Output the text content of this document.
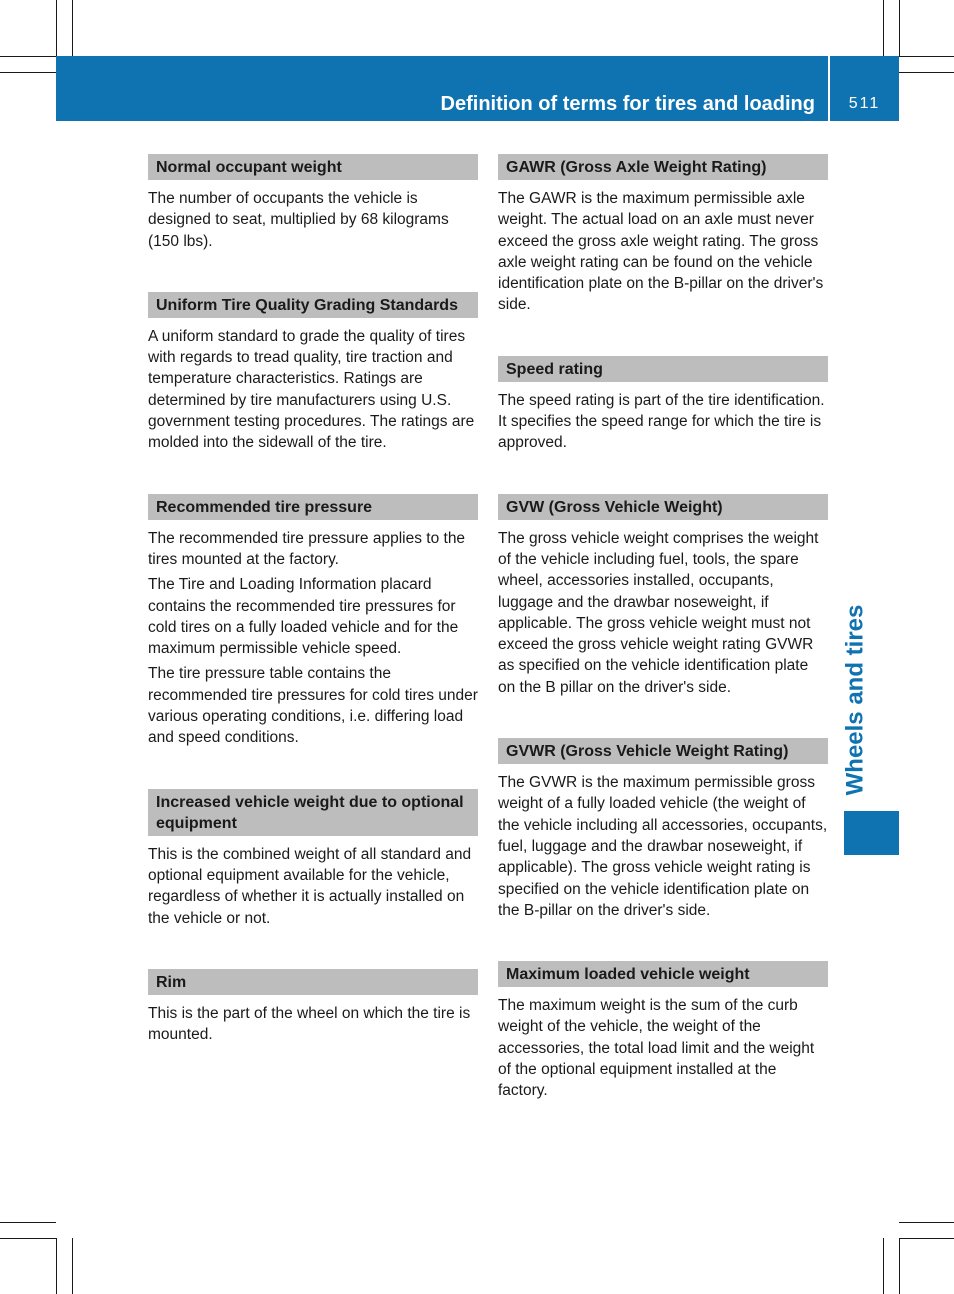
Definition of terms for tires and loading	511
Wheels and tires
Normal occupant weight

The number of occupants the vehicle is designed to seat, multiplied by 68 kilograms (150 lbs).

Uniform Tire Quality Grading Standards

A uniform standard to grade the quality of tires with regards to tread quality, tire traction and temperature characteristics. Ratings are determined by tire manufacturers using U.S. government testing procedures. The ratings are molded into the sidewall of the tire.

Recommended tire pressure

The recommended tire pressure applies to the tires mounted at the factory.

The Tire and Loading Information placard contains the recommended tire pressures for cold tires on a fully loaded vehicle and for the maximum permissible vehicle speed.

The tire pressure table contains the recommended tire pressures for cold tires under various operating conditions, i.e. differing load and speed conditions.

Increased vehicle weight due to optional equipment

This is the combined weight of all standard and optional equipment available for the vehicle, regardless of whether it is actually installed on the vehicle or not.

Rim

This is the part of the wheel on which the tire is mounted.

GAWR (Gross Axle Weight Rating)

The GAWR is the maximum permissible axle weight. The actual load on an axle must never exceed the gross axle weight rating. The gross axle weight rating can be found on the vehicle identification plate on the B-pillar on the driver's side.

Speed rating

The speed rating is part of the tire identification. It specifies the speed range for which the tire is approved.

GVW (Gross Vehicle Weight)

The gross vehicle weight comprises the weight of the vehicle including fuel, tools, the spare wheel, accessories installed, occupants, luggage and the drawbar noseweight, if applicable. The gross vehicle weight must not exceed the gross vehicle weight rating GVWR as specified on the vehicle identification plate on the B pillar on the driver's side.

GVWR (Gross Vehicle Weight Rating)

The GVWR is the maximum permissible gross weight of a fully loaded vehicle (the weight of the vehicle including all accessories, occupants, fuel, luggage and the drawbar noseweight, if applicable). The gross vehicle weight rating is specified on the vehicle identification plate on the B-pillar on the driver's side.

Maximum loaded vehicle weight

The maximum weight is the sum of the curb weight of the vehicle, the weight of the accessories, the total load limit and the weight of the optional equipment installed at the factory.
